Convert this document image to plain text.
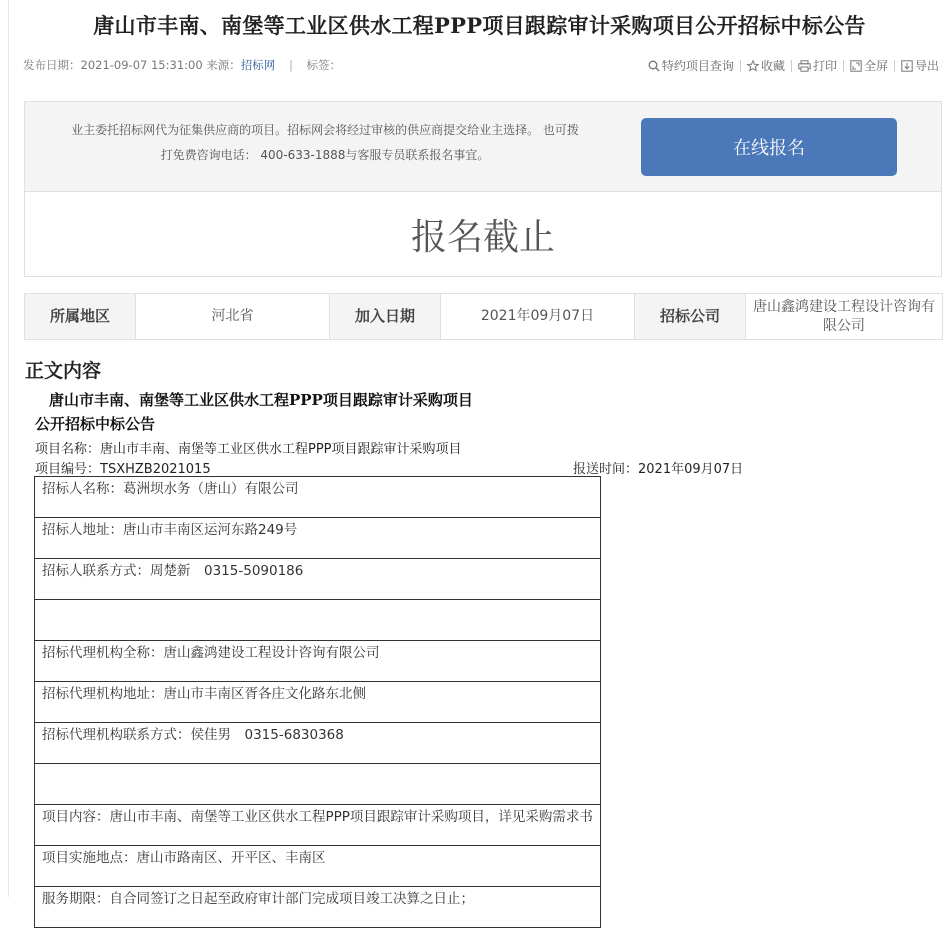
唐山市丰南、南堡等工业区供水工程PPP项目跟踪审计采购项目公开招标中标公告
发布日期：2021-09-07 15:31:00 来源：招标网 | 标签：	特约项目查询 收藏 打印 全屏 导出
业主委托招标网代为征集供应商的项目。招标网会将经过审核的供应商提交给业主选择。 也可拨
打免费咨询电话： 400-633-1888与客服专员联系报名事宜。	在线报名
报名截止
所属地区	河北省	加入日期	2021年09月07日	招标公司	唐山鑫鸿建设工程设计咨询有限公司
正文内容
唐山市丰南、南堡等工业区供水工程PPP项目跟踪审计采购项目
公开招标中标公告
项目名称：唐山市丰南、南堡等工业区供水工程PPP项目跟踪审计采购项目
项目编号：TSXHZB2021015	报送时间：2021年09月07日
招标人名称：葛洲坝水务（唐山）有限公司
招标人地址：唐山市丰南区运河东路249号
招标人联系方式：周楚新　0315-5090186

招标代理机构全称：唐山鑫鸿建设工程设计咨询有限公司
招标代理机构地址：唐山市丰南区胥各庄文化路东北侧
招标代理机构联系方式：侯佳男　0315-6830368

项目内容：唐山市丰南、南堡等工业区供水工程PPP项目跟踪审计采购项目，详见采购需求书
项目实施地点：唐山市路南区、开平区、丰南区
服务期限：自合同签订之日起至政府审计部门完成项目竣工决算之日止；
